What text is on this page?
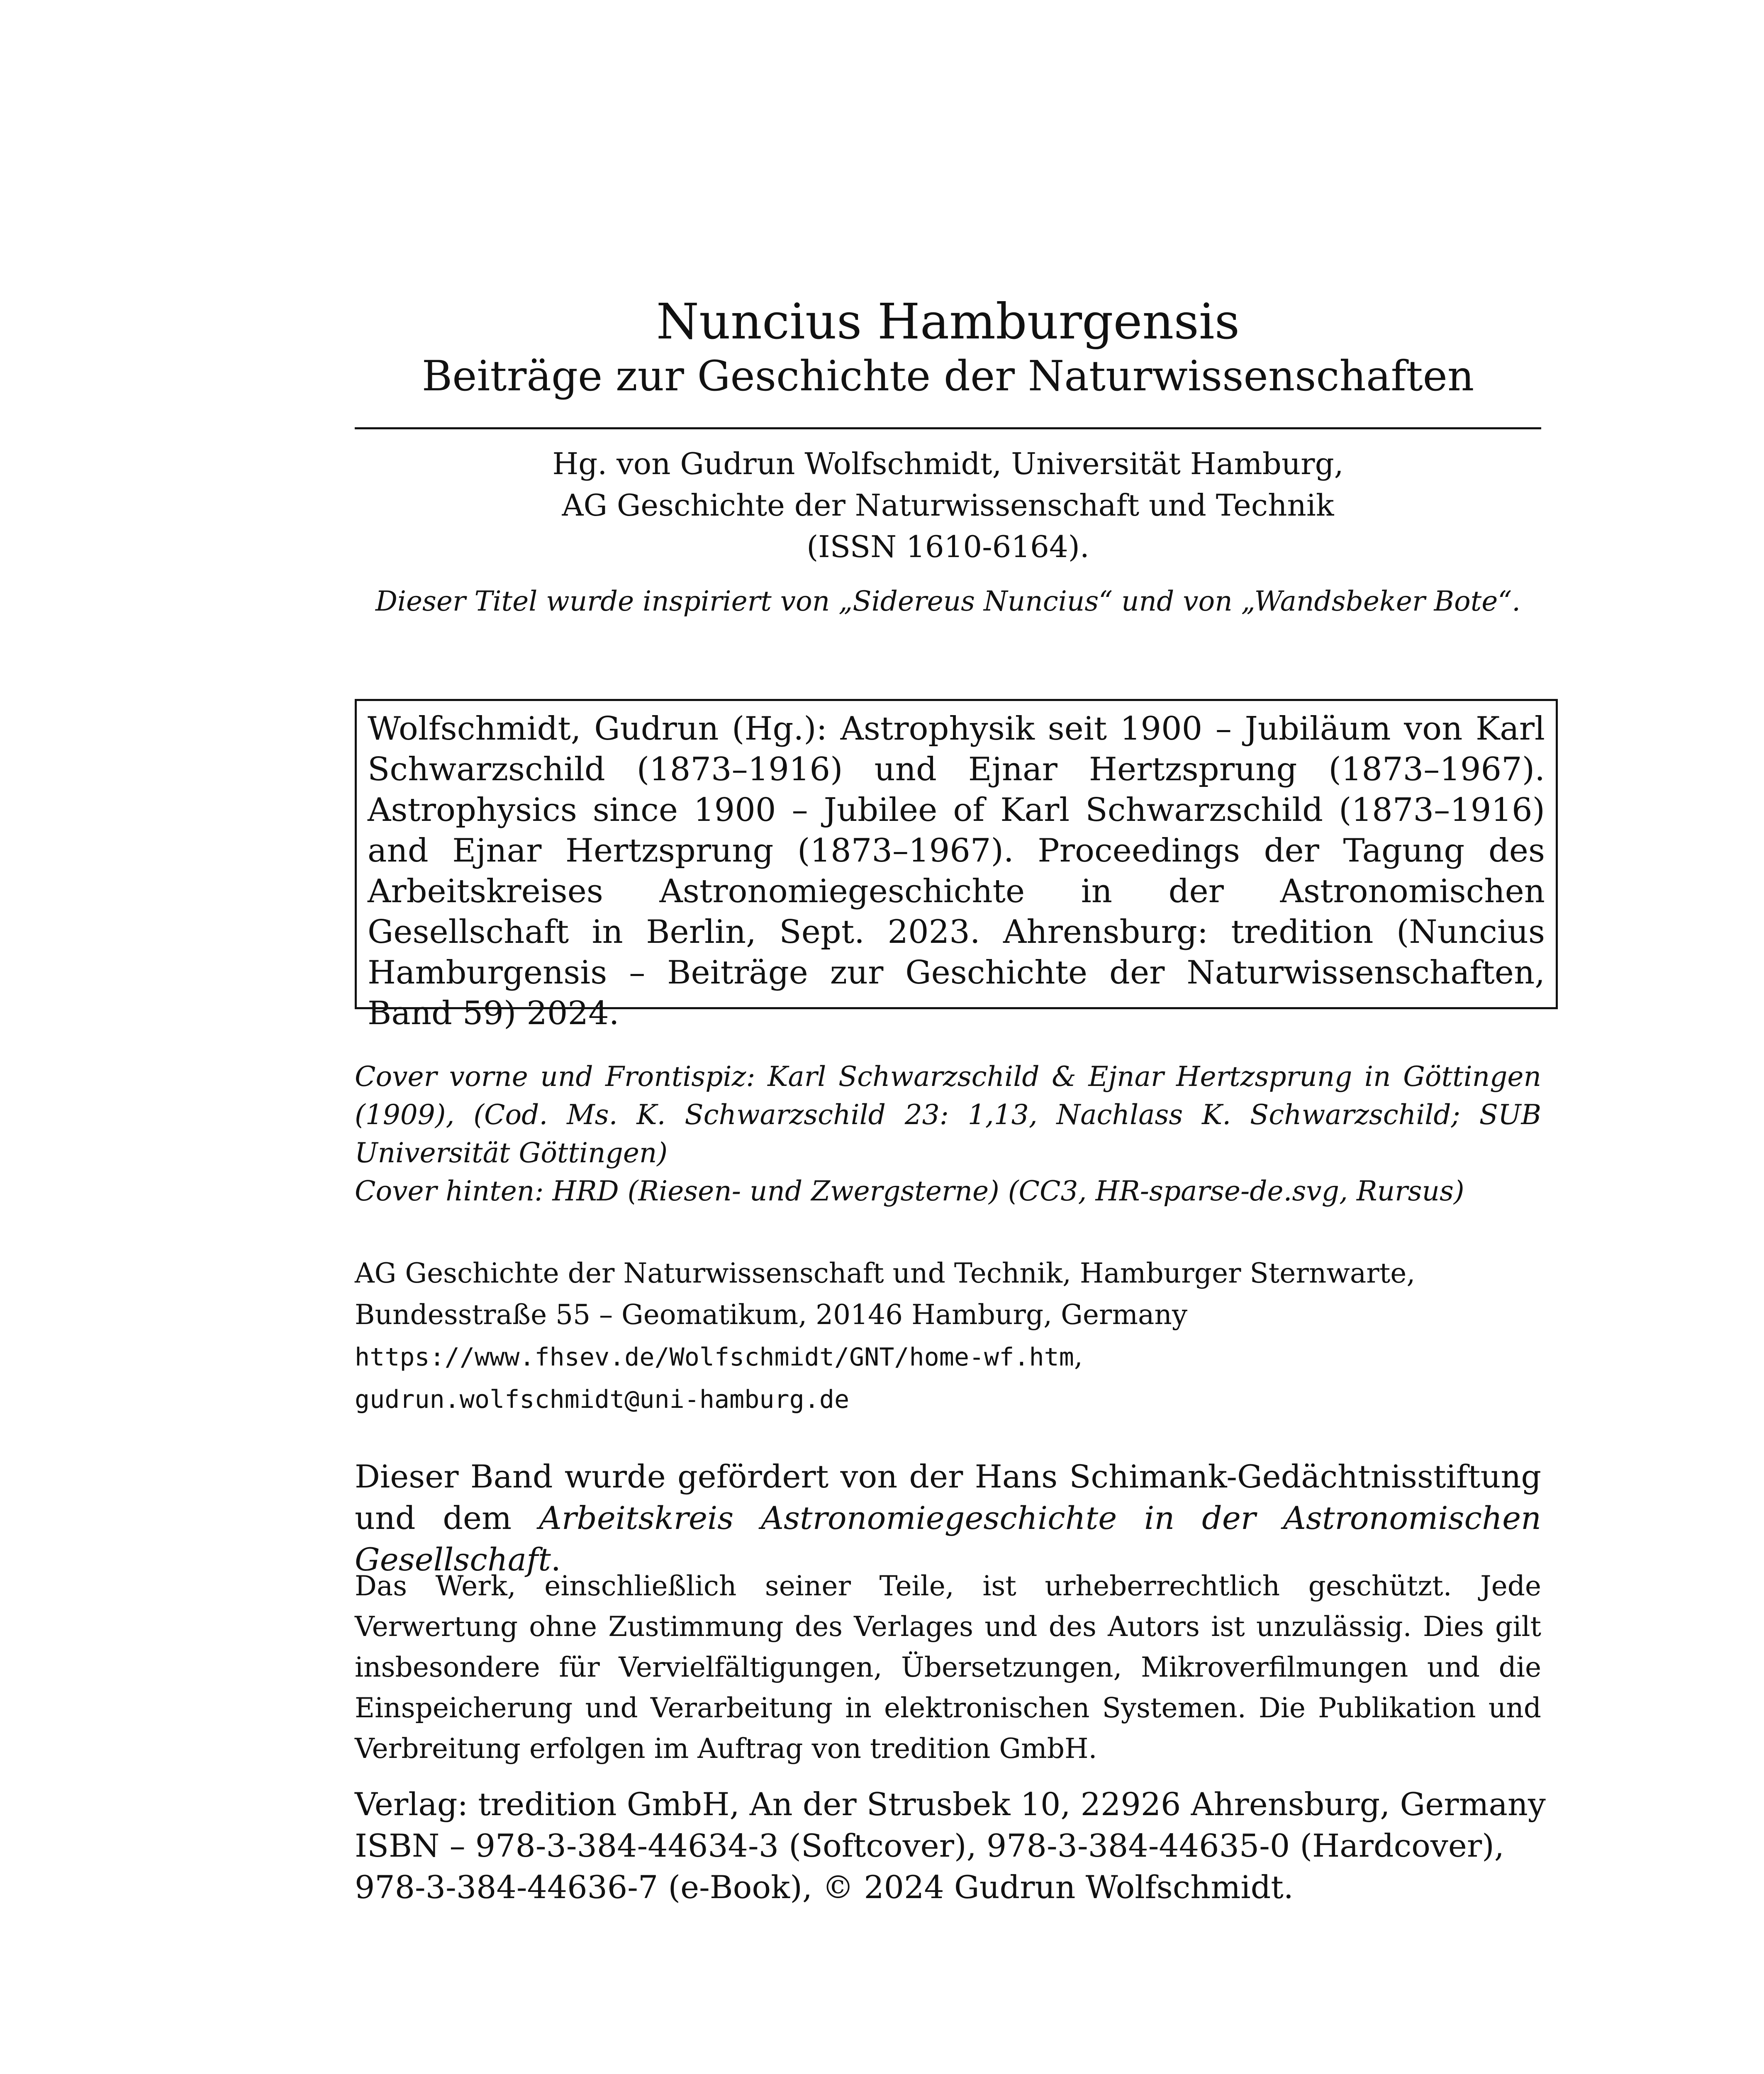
Nuncius Hamburgensis
Beiträge zur Geschichte der Naturwissenschaften
Hg. von Gudrun Wolfschmidt, Universität Hamburg,
AG Geschichte der Naturwissenschaft und Technik
(ISSN 1610-6164).
Dieser Titel wurde inspiriert von „Sidereus Nuncius“ und von „Wandsbeker Bote“.
Wolfschmidt, Gudrun (Hg.): Astrophysik seit 1900 – Jubiläum von Karl Schwarzschild (1873–1916) und Ejnar Hertzsprung (1873–1967). Astrophysics since 1900 – Jubilee of Karl Schwarzschild (1873–1916) and Ejnar Hertzsprung (1873–1967). Proceedings der Tagung des Arbeitskreises Astronomiegeschichte in der Astronomischen Gesellschaft in Berlin, Sept. 2023. Ahrensburg: tredition (Nuncius Hamburgensis – Beiträge zur Geschichte der Naturwissenschaften, Band 59) 2024.

Cover vorne und Frontispiz: Karl Schwarzschild & Ejnar Hertzsprung in Göttingen (1909), (Cod. Ms. K. Schwarzschild 23: 1,13, Nachlass K. Schwarzschild; SUB Universität Göttingen)

Cover hinten: HRD (Riesen- und Zwergsterne) (CC3, HR-sparse-de.svg, Rursus)

AG Geschichte der Naturwissenschaft und Technik, Hamburger Sternwarte,
Bundesstraße 55 – Geomatikum, 20146 Hamburg, Germany
https://www.fhsev.de/Wolfschmidt/GNT/home-wf.htm,
gudrun.wolfschmidt@uni-hamburg.de
Dieser Band wurde gefördert von der Hans Schimank-Gedächtnisstiftung und dem Arbeitskreis Astronomiegeschichte in der Astronomischen Gesellschaft.
Das Werk, einschließlich seiner Teile, ist urheberrechtlich geschützt. Jede Verwertung ohne Zustimmung des Verlages und des Autors ist unzulässig. Dies gilt insbesondere für Vervielfältigungen, Übersetzungen, Mikroverfilmungen und die Einspeicherung und Verarbeitung in elektronischen Systemen. Die Publikation und Verbreitung erfolgen im Auftrag von tredition GmbH.
Verlag: tredition GmbH, An der Strusbek 10, 22926 Ahrensburg, Germany
ISBN – 978-3-384-44634-3 (Softcover), 978-3-384-44635-0 (Hardcover),
978-3-384-44636-7 (e-Book), © 2024 Gudrun Wolfschmidt.
